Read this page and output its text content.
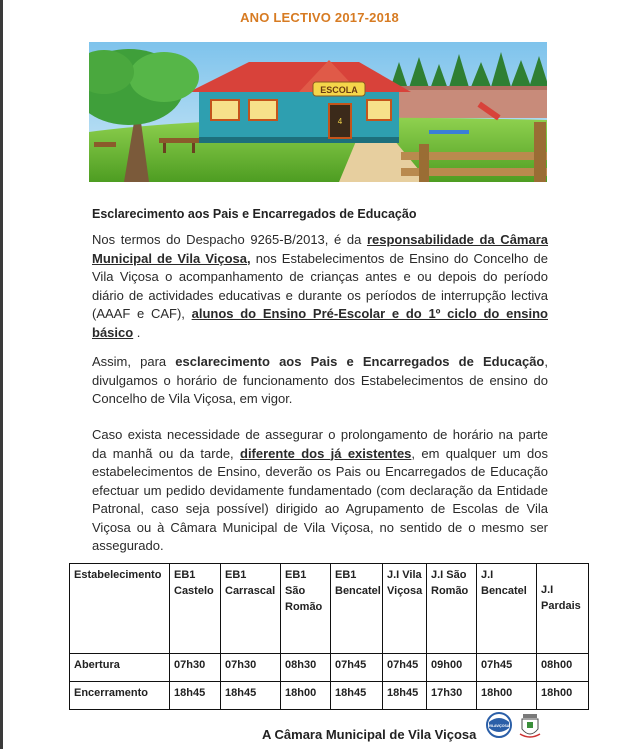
ANO LECTIVO 2017-2018
ESCOLA
4
Esclarecimento aos Pais e Encarregados de Educação

Nos termos do Despacho 9265-B/2013, é da responsabilidade da Câmara Municipal de Vila Viçosa, nos Estabelecimentos de Ensino do Concelho de Vila Viçosa o acompanhamento de crianças antes e ou depois do período diário de actividades educativas e durante os períodos de interrupção lectiva (AAAF e CAF), alunos do Ensino Pré-Escolar e do 1º ciclo do ensino básico .

Assim, para esclarecimento aos Pais e Encarregados de Educação, divulgamos o horário de funcionamento dos Estabelecimentos de ensino do Concelho de Vila Viçosa, em vigor.

Caso exista necessidade de assegurar o prolongamento de horário na parte da manhã ou da tarde, diferente dos já existentes, em qualquer um dos estabelecimentos de Ensino, deverão os Pais ou Encarregados de Educação efectuar um pedido devidamente fundamentado (com declaração da Entidade Patronal, caso seja possível) dirigido ao Agrupamento de Escolas de Vila Viçosa ou à Câmara Municipal de Vila Viçosa, no sentido de o mesmo ser assegurado.

Estabelecimento	EB1 Castelo	EB1 Carrascal	EB1 São Romão	EB1 Bencatel	J.I Vila Viçosa	J.I São Romão	J.I Bencatel	J.I Pardais
Abertura	07h30	07h30	08h30	07h45	07h45	09h00	07h45	08h00
Encerramento	18h45	18h45	18h00	18h45	18h45	17h30	18h00	18h00
A Câmara Municipal de Vila Viçosa
VILAVIÇOSA
